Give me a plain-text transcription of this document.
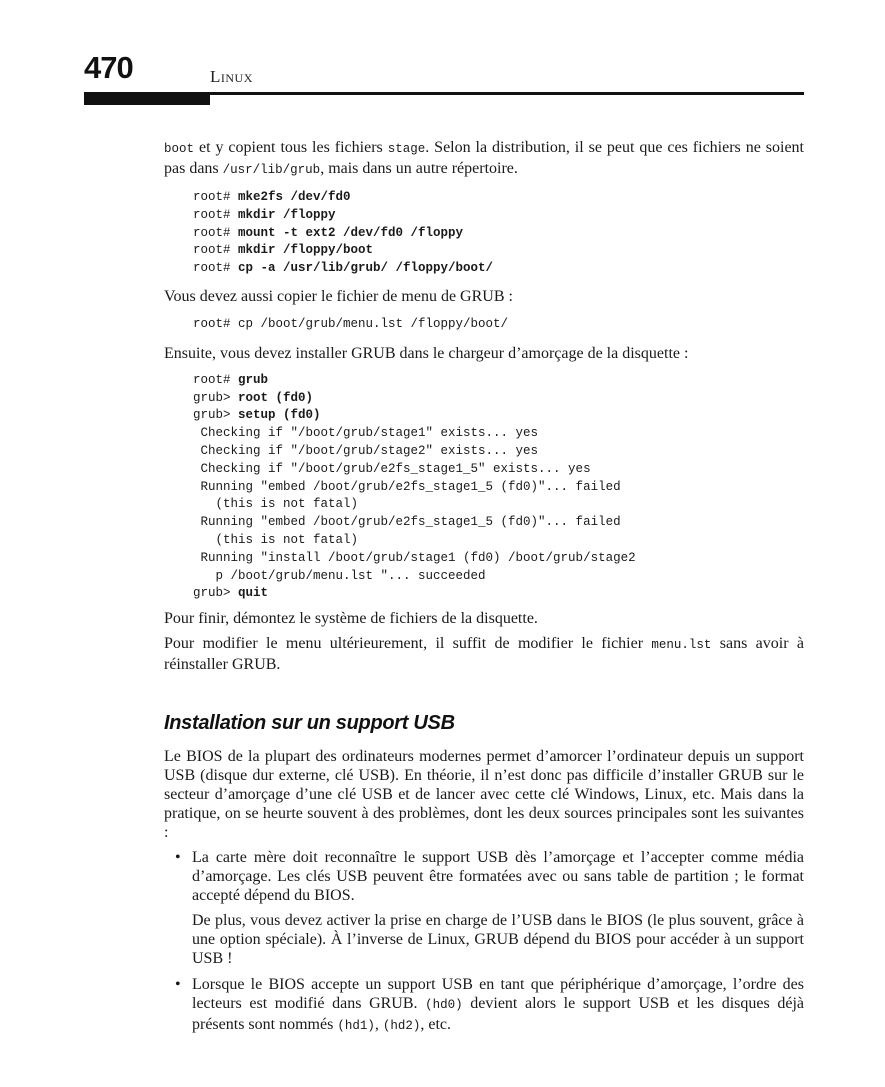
470	Linux

boot et y copient tous les fichiers stage. Selon la distribution, il se peut que ces fichiers ne soient pas dans /usr/lib/grub, mais dans un autre répertoire.

root# mke2fs /dev/fd0
root# mkdir /floppy
root# mount -t ext2 /dev/fd0 /floppy
root# mkdir /floppy/boot
root# cp -a /usr/lib/grub/ /floppy/boot/

Vous devez aussi copier le fichier de menu de GRUB :

root# cp /boot/grub/menu.lst /floppy/boot/

Ensuite, vous devez installer GRUB dans le chargeur d’amorçage de la disquette :

root# grub
grub> root (fd0)
grub> setup (fd0)
Checking if "/boot/grub/stage1" exists... yes
Checking if "/boot/grub/stage2" exists... yes
Checking if "/boot/grub/e2fs_stage1_5" exists... yes
Running "embed /boot/grub/e2fs_stage1_5 (fd0)"... failed
(this is not fatal)
Running "embed /boot/grub/e2fs_stage1_5 (fd0)"... failed
(this is not fatal)
Running "install /boot/grub/stage1 (fd0) /boot/grub/stage2
p /boot/grub/menu.lst "... succeeded
grub> quit

Pour finir, démontez le système de fichiers de la disquette.

Pour modifier le menu ultérieurement, il suffit de modifier le fichier menu.lst sans avoir à réinstaller GRUB.

Installation sur un support USB

Le BIOS de la plupart des ordinateurs modernes permet d’amorcer l’ordinateur depuis un support USB (disque dur externe, clé USB). En théorie, il n’est donc pas difficile d’installer GRUB sur le secteur d’amorçage d’une clé USB et de lancer avec cette clé Windows, Linux, etc. Mais dans la pratique, on se heurte souvent à des problèmes, dont les deux sources principales sont les suivantes :

• La carte mère doit reconnaître le support USB dès l’amorçage et l’accepter comme média d’amorçage. Les clés USB peuvent être formatées avec ou sans table de partition ; le format accepté dépend du BIOS.

De plus, vous devez activer la prise en charge de l’USB dans le BIOS (le plus souvent, grâce à une option spéciale). À l’inverse de Linux, GRUB dépend du BIOS pour accéder à un support USB !

• Lorsque le BIOS accepte un support USB en tant que périphérique d’amorçage, l’ordre des lecteurs est modifié dans GRUB. (hd0) devient alors le support USB et les disques déjà présents sont nommés (hd1), (hd2), etc.
